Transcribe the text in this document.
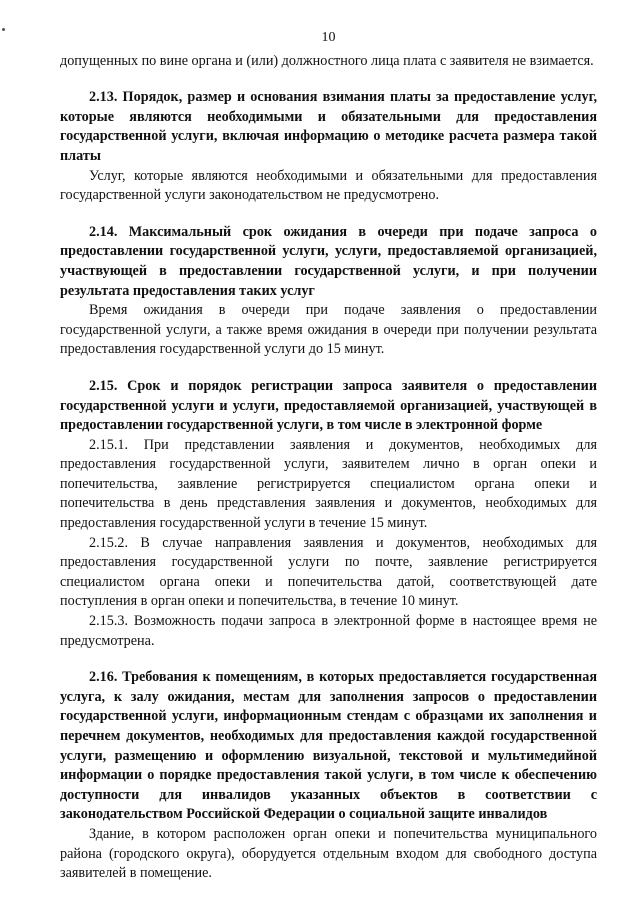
10

допущенных по вине органа и (или) должностного лица плата с заявителя не взимается.

2.13. Порядок, размер и основания взимания платы за предоставление услуг, которые являются необходимыми и обязательными для предоставления государственной услуги, включая информацию о методике расчета размера такой платы

Услуг, которые являются необходимыми и обязательными для предоставления государственной услуги законодательством не предусмотрено.

2.14. Максимальный срок ожидания в очереди при подаче запроса о предоставлении государственной услуги, услуги, предоставляемой организацией, участвующей в предоставлении государственной услуги, и при получении результата предоставления таких услуг

Время ожидания в очереди при подаче заявления о предоставлении государственной услуги, а также время ожидания в очереди при получении результата предоставления государственной услуги до 15 минут.

2.15. Срок и порядок регистрации запроса заявителя о предоставлении государственной услуги и услуги, предоставляемой организацией, участвующей в предоставлении государственной услуги, в том числе в электронной форме

2.15.1. При представлении заявления и документов, необходимых для предоставления государственной услуги, заявителем лично в орган опеки и попечительства, заявление регистрируется специалистом органа опеки и попечительства в день представления заявления и документов, необходимых для предоставления государственной услуги в течение 15 минут.

2.15.2. В случае направления заявления и документов, необходимых для предоставления государственной услуги по почте, заявление регистрируется специалистом органа опеки и попечительства датой, соответствующей дате поступления в орган опеки и попечительства, в течение 10 минут.

2.15.3. Возможность подачи запроса в электронной форме в настоящее время не предусмотрена.

2.16. Требования к помещениям, в которых предоставляется государственная услуга, к залу ожидания, местам для заполнения запросов о предоставлении государственной услуги, информационным стендам с образцами их заполнения и перечнем документов, необходимых для предоставления каждой государственной услуги, размещению и оформлению визуальной, текстовой и мультимедийной информации о порядке предоставления такой услуги, в том числе к обеспечению доступности для инвалидов указанных объектов в соответствии с законодательством Российской Федерации о социальной защите инвалидов

Здание, в котором расположен орган опеки и попечительства муниципального района (городского округа), оборудуется отдельным входом для свободного доступа заявителей в помещение.
